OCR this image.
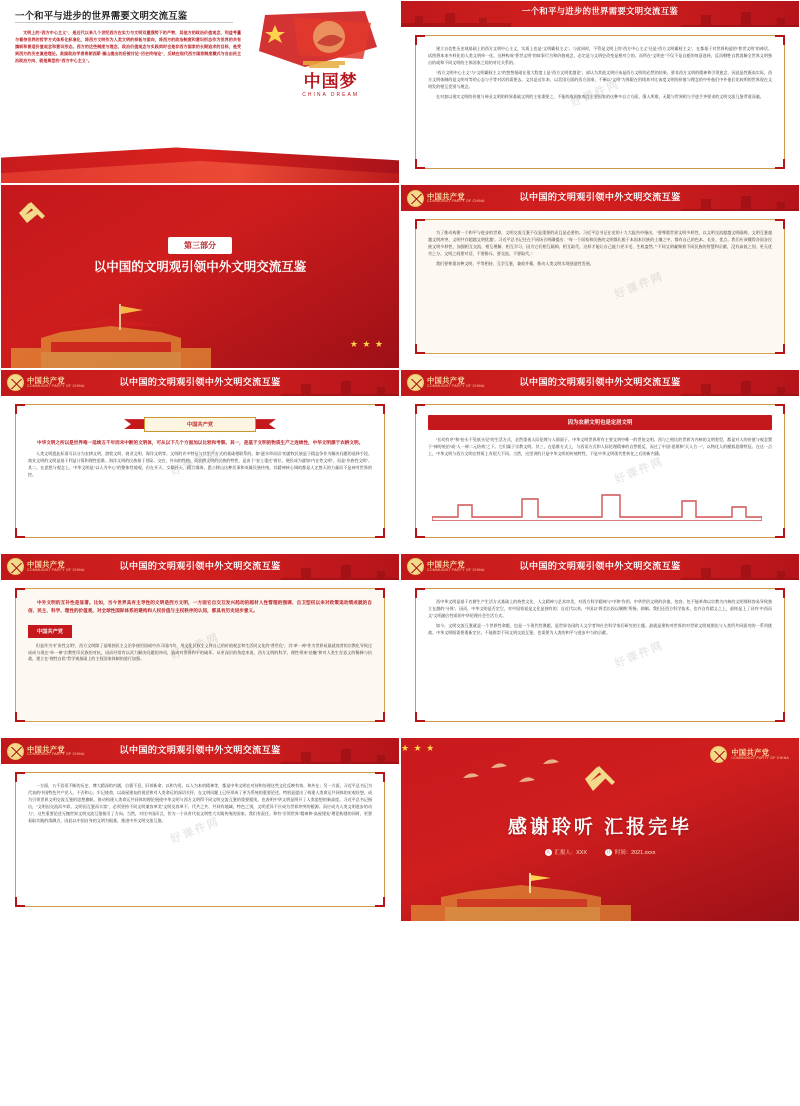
一个和平与进步的世界需要文明交流互鉴
文明上的“西方中心主义”，是近代以来几个世纪西方在实力与文明双重强势下的产物，其他方的政治价值观念、利益考量与看待世界的哲学方式体系化标准化，将西方文明作为人类文明的样板与面向，将西方的政治制度和意识形态作为世界的共有旗帜和普适价值观念和意识形态。西方的这些制度与理念、政治价值观念与实践同时也是非西方国家的长期追求的目标，是受到西方的历史演进理论。美国政治学者弗朗西斯·福山提出的后被讨论“历史终结论”，反映在现代西方国家制度模式与自由民主治政治方向、就是典型的“西方中心主义”。
中国梦
CHINA DREAM
一个和平与进步的世界需要文明交流互鉴

建立自信性历史观基础上的西方文明中心主义，实质上也是“文明霸权主义”。与此同时，不管是文明上的“西方中心主义”还是“西方文明霸权主义”，在都基于对世界构造的“普世文明”的神话。试图将本来多样化的人类文明单一化。这种构成“普世文明”的故事行为和价值观念，必定是与文明史改变是相对立的。而所在“文明史”不仅不是自愿的效意选择，反而牺牲自我消解全世界文明独自的或和不同文明的主体国家之间的对比关系的。

“西方文明中心主义”与“文明霸权主义”的想想基础在很大程度上是“西方文明优越论”。部认为其他文明应该是西方文明的必然的结果。要非西方文明的精神和引领愈念，因此是性既高实际，西方文明体制的是文明对等的心态与手等对话的需要去。文其是近年来，以美国方面的西方国家，不断以“文明”为界限在用线来对比该度文明的价值与理念的中外他们中外他们比较明的世界现在文明发的相互差别与理念。

在对加以现实文明的价值与神圣文明的样界基础文明的主张重要之，不能的战国家观点主要国家的这种多自立方面、强人所难，无疑与世界相与手进手齐要求的文明交流互鉴背道而驰。

第三部分
以中国的文明观引领中外文明交流互鉴
★ ★ ★
中国共产党
COMMUNIST PARTY OF CHINA	以中国的文明观引领中外文明交流互鉴

为了推动构建一个和平与进步的世界，文明交流互鉴不仅是重要的而且是必要的。习近平总书记在党的十九大报告中指出，“要尊重世界文明多样性，以文明交流超越文明隔阂、文明互鉴超越文明冲突、文明共存超越文明优越”。习近平总书记还在不同场合明确提出：“每一个国家和民族的文明都扎根于本国本民族的土壤之中，都有自己的色本、长处、优点。我们应该懂得各国各民族文明多样性，加强相互交流、相互理解、相互学习，因为它们相互隔阂、相互取代，这样才能让自己能力更丰毛、生机盎然。”“不同文明凝聚着不同民族的智慧和贡献，没有高低之别，更无优劣之分。文明之间要对话，不要排斥，要交流，不要取代。”

我们要尊重各种文明，平等相待，互学互鉴，兼收并蓄，推动人类文明实现创造性发展。

中国共产党
COMMUNIST PARTY OF CHINA	以中国的文明观引领中外文明交流互鉴
中国共产党

中华文明之所以是世界唯一延续五千年而未中断的文明体，可从以下几个方面加以比较和考察。其一，是基于文明的物质生产之连续性，中华文明源于农耕文明。

人类文明遗此标准可以分为农耕文明、游牧文明、商业文明、海洋文明等。文明的许多特征与其生产方式的基础相联系的。如“逐水草而居”的游牧民族是于精益争作为解决问题的选择手段。商业文明的文明是基于利益计算和理性思维。海洋文明的民族基于冒险、交往、外向的性格。而农耕文明的民族的特性，是由于“安土重迁”着位，便民成为就如“内在性文明”，而是“乡族性文明”。其二，在思想与观念上，中华文明是“以人为中心”的整体性地观，但在开天、女娲补天、精卫填海、愚公移山这种话事和英雄民族传统，其精神核心调的都是人定胜天的力量而不是神对世界的控。

中国共产党
COMMUNIST PARTY OF CHINA	以中国的文明观引领中外文明交流互鉴
因为农耕文明也是定居文明

“长幼有序”和“抬头不见低头见”的生活方式，必然重视人际伦理与人情面子。中华文明世界所有主要文明中唯一的世俗文明。西与之相比的世界为内核的文明类型，都是对人的价值与观念置于“神的统治”或“人一神二元结构”之下。它们属于宗教文明。其三，在思维方式上，与西语方式和人际伦理精神的自然相反，而过了中国“思维和”天人合一”，以物化人的模拟思维特征。在这一点上，中华文明与西方文明在特质上有很大不同。当然，这里讲的只是中华文明的传统特性，不是中华文明现代性转化之后的新内涵。

中国共产党
COMMUNIST PARTY OF CHINA	以中国的文明观引领中外文明交流互鉴

中外文明的互补性是显著。比如，当今世界具有主导性的文明是西方文明，一方面它自交互发兴趋动的超材人性管理的强调、自卫型权以来对政策追动绩成就的自信、民主、科学、理性的价值观，对全球性国际体系的建构和人权价值与主权秩序的认知，都具有历史进步意义。

中国共产党

但是作为“扩张性文明”，西方文明除了是唯独民主义治争使用国或中沙习国内均，用文化民权主义将自己的价值观念和生活同文化的“普世化”，其“单一神”作为世界易最就途者的宗教化导致过成成与现在“单一神”宗教性印民族的对抗，因而经常有以武力解决问题的冲动，造成对世界和平的破坏。从更深层的角度来说，西方文明的科学、理性带来“祛魅”和对人类生存意义的稀释与抗战，建立在“理性自私”哲学观基础上的主权国家体制的道行加强。

中国共产党
COMMUNIST PARTY OF CHINA	以中国的文明观引领中外文明交流互鉴

西中华文明是基于农耕生产生活方式基础上的持性文化、人文精神与艺术审美，对西方科学精神与“中和”作用。中华世俗文明的价值、包容，包不能革命以宗教为内核的文明那样容易导致独立在激的“分界”，因而，中华文明是否定它，对中国家说是文化是独有的；自近代以来，中国以“将美长投以制衡”所指、抑制。我们还西方科学技术、也许自有精义之上，最终是上了具有“中西而文”文明融合性质的中华伦理社会生活方式。

如今，文明交流互鉴就是一个世界性命题，也是一个现代性课题，是世界各国的人文学者和社会科学家们研究的主题。最就是建构对世界的对世界文明观照出与人类所共同面对的一系列挑战。中华文明既需要重新定位、不能推崇不同文明交流互鉴，也需要为人类的和平与进步中当的贡献。

中国共产党
COMMUNIST PARTY OF CHINA	以中国的文明观引领中外文明交流互鉴

一方面，五千倍延不断的历史，博大精深的内涵，自强不息、旧邦新命、以和为贵、以人为本的精神等，都是中华文明在对待和处理这些文化反映有效、和外在；另一方面，习近平总书记为代表的中国特色共产党人，不否和心、牢记使命，以高屋建瓮的视党和对人类命运的深切关怀，在文明问题上已经形成了更为系统的重要论述。特别是提出了构建人类命运共同体的宏观设想，成为引领世界文明交流互鉴的思想旗帜。推动构建人类命运共同体的理论展使中华文明与西方文明得不同文明交流互鉴的重要超纯，也表明中华文明是明开了人类思想的新高度。习近平总书记指出，“文明因交流而多彩，文明因互鉴而丰富”，必须坚持不同文明兼容革美”文明及容革不、代共之共、共同有地域、特色之别，文明差异不应成为世界冲突的根源。而应成为人类文明进步的动力”。这些重要论述无愧世界文明交流互鉴指引了方向。当然，对比中国而言，作为一个具有代表文明性大实践传统的国家，我们有责任。和有“引领世界”精神和“高屋建瓮”理论构建的同时，更要看取实践的落脚点，因此以中国自身的文明为根基，推进中外文明交流互鉴。

中国共产党
COMMUNIST PARTY OF CHINA
感谢聆听 汇报完毕
人 汇报人：XXX	日 时间：2021.xxxx
★ ★ ★
